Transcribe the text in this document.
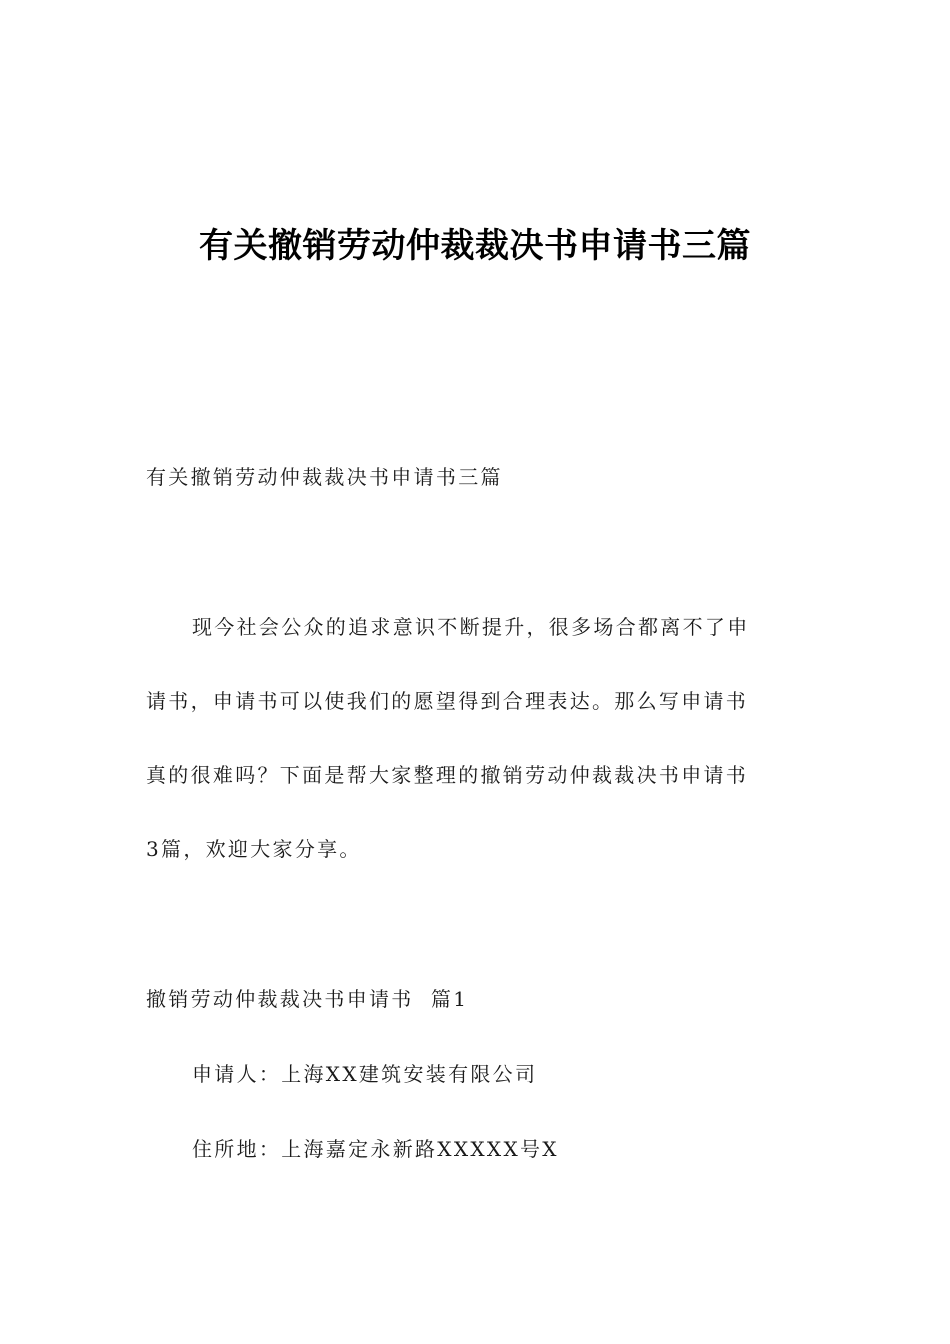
有关撤销劳动仲裁裁决书申请书三篇
有关撤销劳动仲裁裁决书申请书三篇
现今社会公众的追求意识不断提升，很多场合都离不了申
请书，申请书可以使我们的愿望得到合理表达。那么写申请书
真的很难吗？下面是帮大家整理的撤销劳动仲裁裁决书申请书
3篇，欢迎大家分享。
撤销劳动仲裁裁决书申请书  篇1
申请人：上海XX建筑安装有限公司
住所地：上海嘉定永新路XXXXX号X
